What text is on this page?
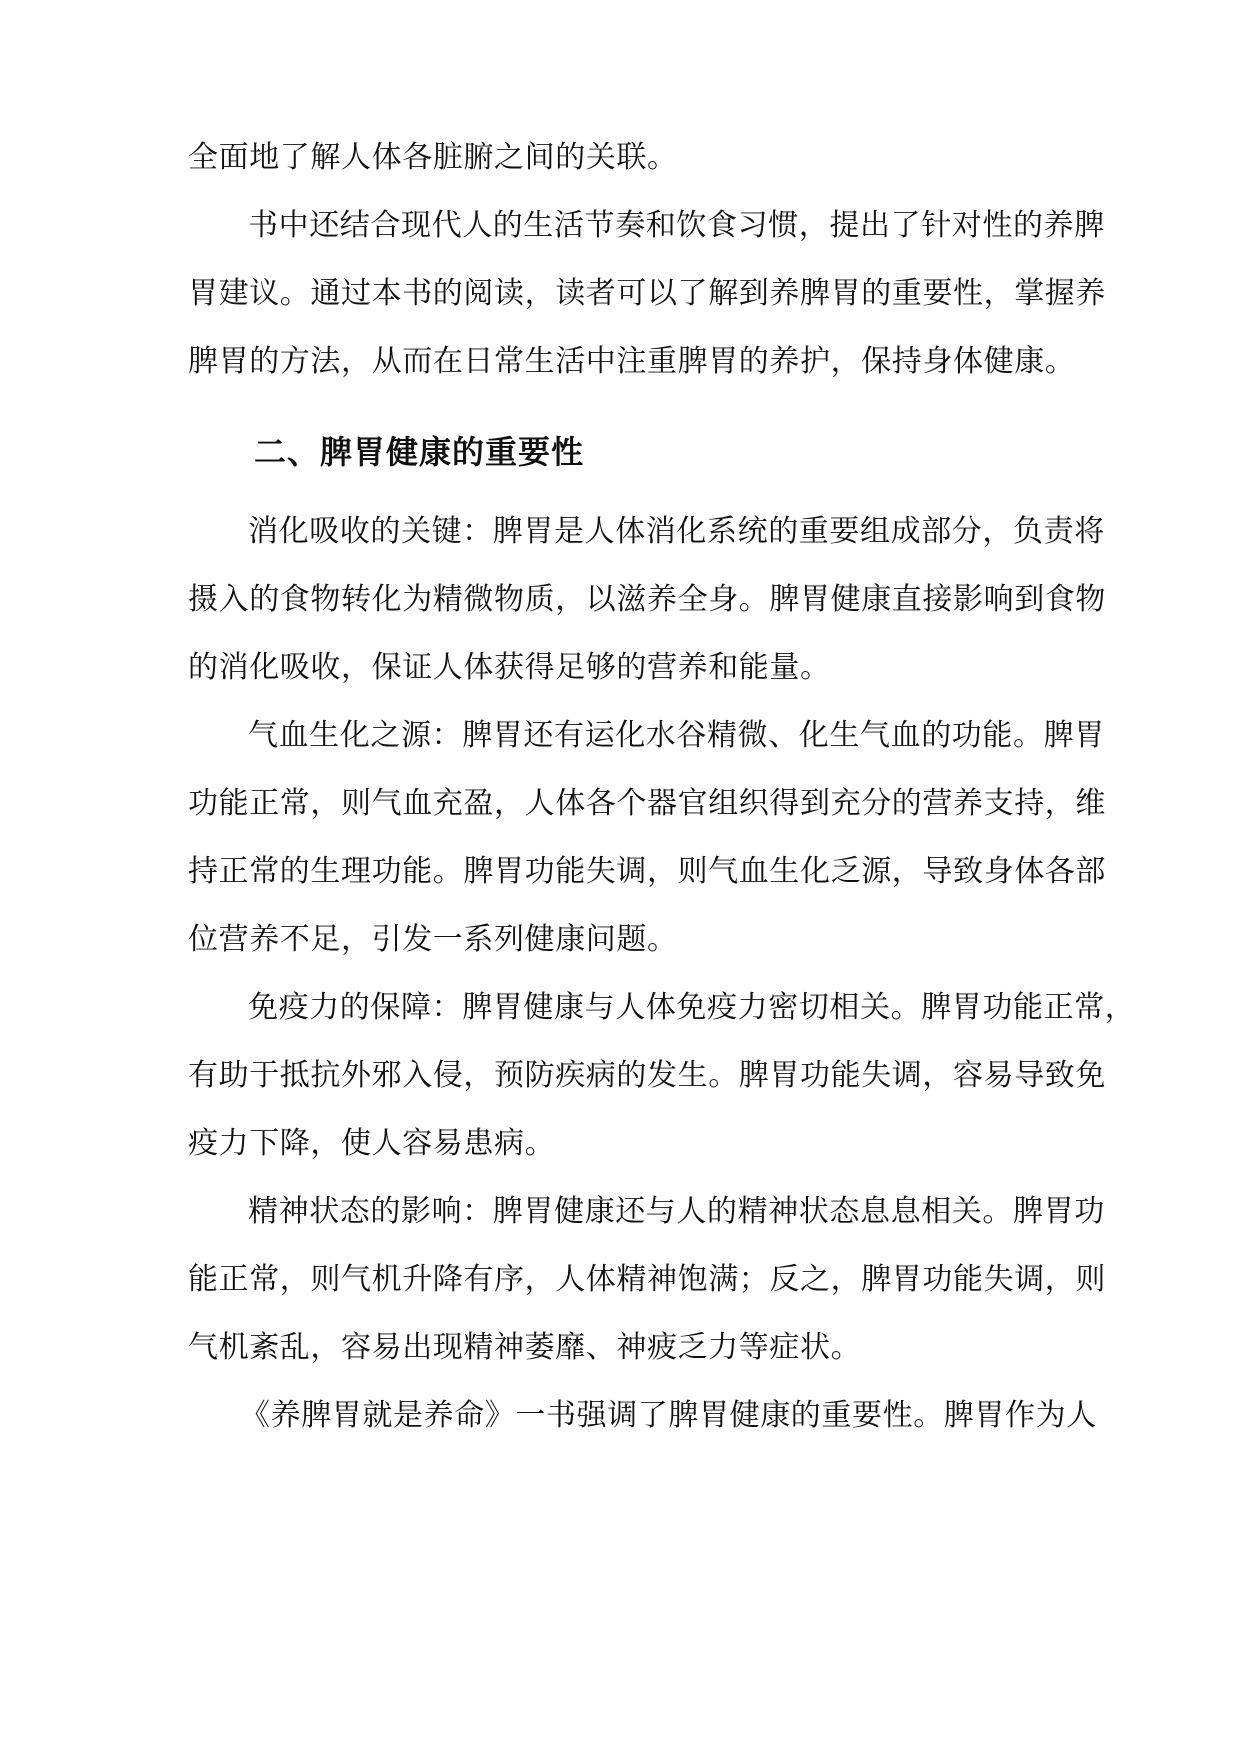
全面地了解人体各脏腑之间的关联。

书中还结合现代人的生活节奏和饮食习惯，提出了针对性的养脾

胃建议。通过本书的阅读，读者可以了解到养脾胃的重要性，掌握养

脾胃的方法，从而在日常生活中注重脾胃的养护，保持身体健康。

二、脾胃健康的重要性

消化吸收的关键：脾胃是人体消化系统的重要组成部分，负责将

摄入的食物转化为精微物质，以滋养全身。脾胃健康直接影响到食物

的消化吸收，保证人体获得足够的营养和能量。

气血生化之源：脾胃还有运化水谷精微、化生气血的功能。脾胃

功能正常，则气血充盈，人体各个器官组织得到充分的营养支持，维

持正常的生理功能。脾胃功能失调，则气血生化乏源，导致身体各部

位营养不足，引发一系列健康问题。

免疫力的保障：脾胃健康与人体免疫力密切相关。脾胃功能正常，

有助于抵抗外邪入侵，预防疾病的发生。脾胃功能失调，容易导致免

疫力下降，使人容易患病。

精神状态的影响：脾胃健康还与人的精神状态息息相关。脾胃功

能正常，则气机升降有序，人体精神饱满；反之，脾胃功能失调，则

气机紊乱，容易出现精神萎靡、神疲乏力等症状。

《养脾胃就是养命》一书强调了脾胃健康的重要性。脾胃作为人
